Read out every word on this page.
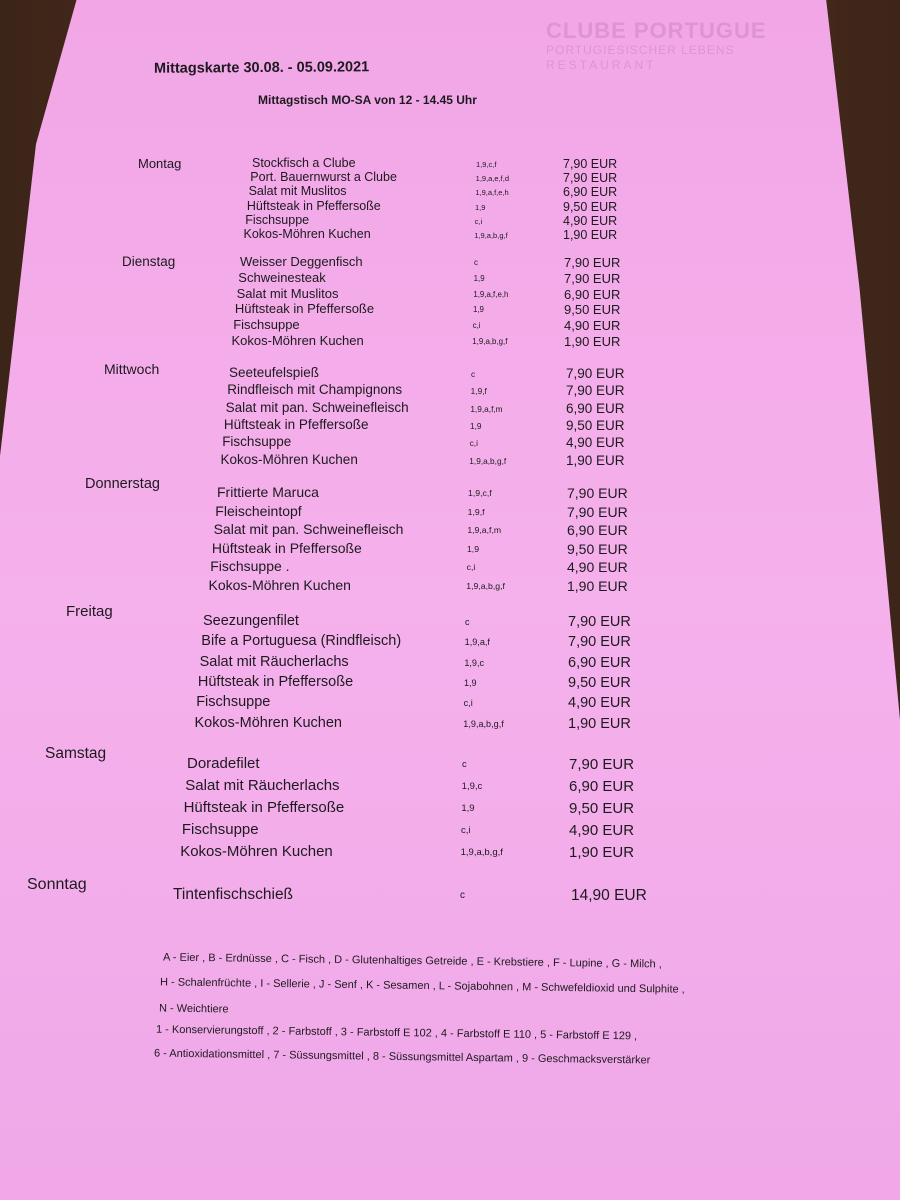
CLUBE PORTUGUE
PORTUGIESISCHER LEBENS
RESTAURANT
Mittagskarte 30.08. - 05.09.2021
Mittagstisch MO-SA von 12 - 14.45 Uhr
Montag	Stockfisch a Clube	1,9,c,f	7,90 EUR
Port. Bauernwurst a Clube	1,9,a,e,f,d	7,90 EUR
Salat mit Muslitos	1,9,a,f,e,h	6,90 EUR
Hüftsteak in Pfeffersoße	1,9	9,50 EUR
Fischsuppe	c,i	4,90 EUR
Kokos-Möhren Kuchen	1,9,a,b,g,f	1,90 EUR
Dienstag	Weisser Deggenfisch	c	7,90 EUR
Schweinesteak	1,9	7,90 EUR
Salat mit Muslitos	1,9,a,f,e,h	6,90 EUR
Hüftsteak in Pfeffersoße	1,9	9,50 EUR
Fischsuppe	c,i	4,90 EUR
Kokos-Möhren Kuchen	1,9,a,b,g,f	1,90 EUR
Mittwoch	Seeteufelspieß	c	7,90 EUR
Rindfleisch mit Champignons	1,9,f	7,90 EUR
Salat mit pan. Schweinefleisch	1,9,a,f,m	6,90 EUR
Hüftsteak in Pfeffersoße	1,9	9,50 EUR
Fischsuppe	c,i	4,90 EUR
Kokos-Möhren Kuchen	1,9,a,b,g,f	1,90 EUR
Donnerstag	Frittierte Maruca	1,9,c,f	7,90 EUR
Fleischeintopf	1,9,f	7,90 EUR
Salat mit pan. Schweinefleisch	1,9,a,f,m	6,90 EUR
Hüftsteak in Pfeffersoße	1,9	9,50 EUR
Fischsuppe .	c,i	4,90 EUR
Kokos-Möhren Kuchen	1,9,a,b,g,f	1,90 EUR
Freitag
Seezungenfilet	c	7,90 EUR
Bife a Portuguesa (Rindfleisch)	1,9,a,f	7,90 EUR
Salat mit Räucherlachs	1,9,c	6,90 EUR
Hüftsteak in Pfeffersoße	1,9	9,50 EUR
Fischsuppe	c,i	4,90 EUR
Kokos-Möhren Kuchen	1,9,a,b,g,f	1,90 EUR
Samstag
Doradefilet	c	7,90 EUR
Salat mit Räucherlachs	1,9,c	6,90 EUR
Hüftsteak in Pfeffersoße	1,9	9,50 EUR
Fischsuppe	c,i	4,90 EUR
Kokos-Möhren Kuchen	1,9,a,b,g,f	1,90 EUR
Sonntag
Tintenfischschieß	c	14,90 EUR
A - Eier , B - Erdnüsse , C - Fisch , D - Glutenhaltiges Getreide , E - Krebstiere , F - Lupine , G - Milch ,
H - Schalenfrüchte , I - Sellerie , J - Senf , K - Sesamen , L - Sojabohnen , M - Schwefeldioxid und Sulphite ,
N - Weichtiere
1 - Konservierungstoff , 2 - Farbstoff , 3 - Farbstoff E 102 , 4 - Farbstoff E 110 , 5 - Farbstoff E 129 ,
6 - Antioxidationsmittel , 7 - Süssungsmittel , 8 - Süssungsmittel Aspartam , 9 - Geschmacksverstärker
